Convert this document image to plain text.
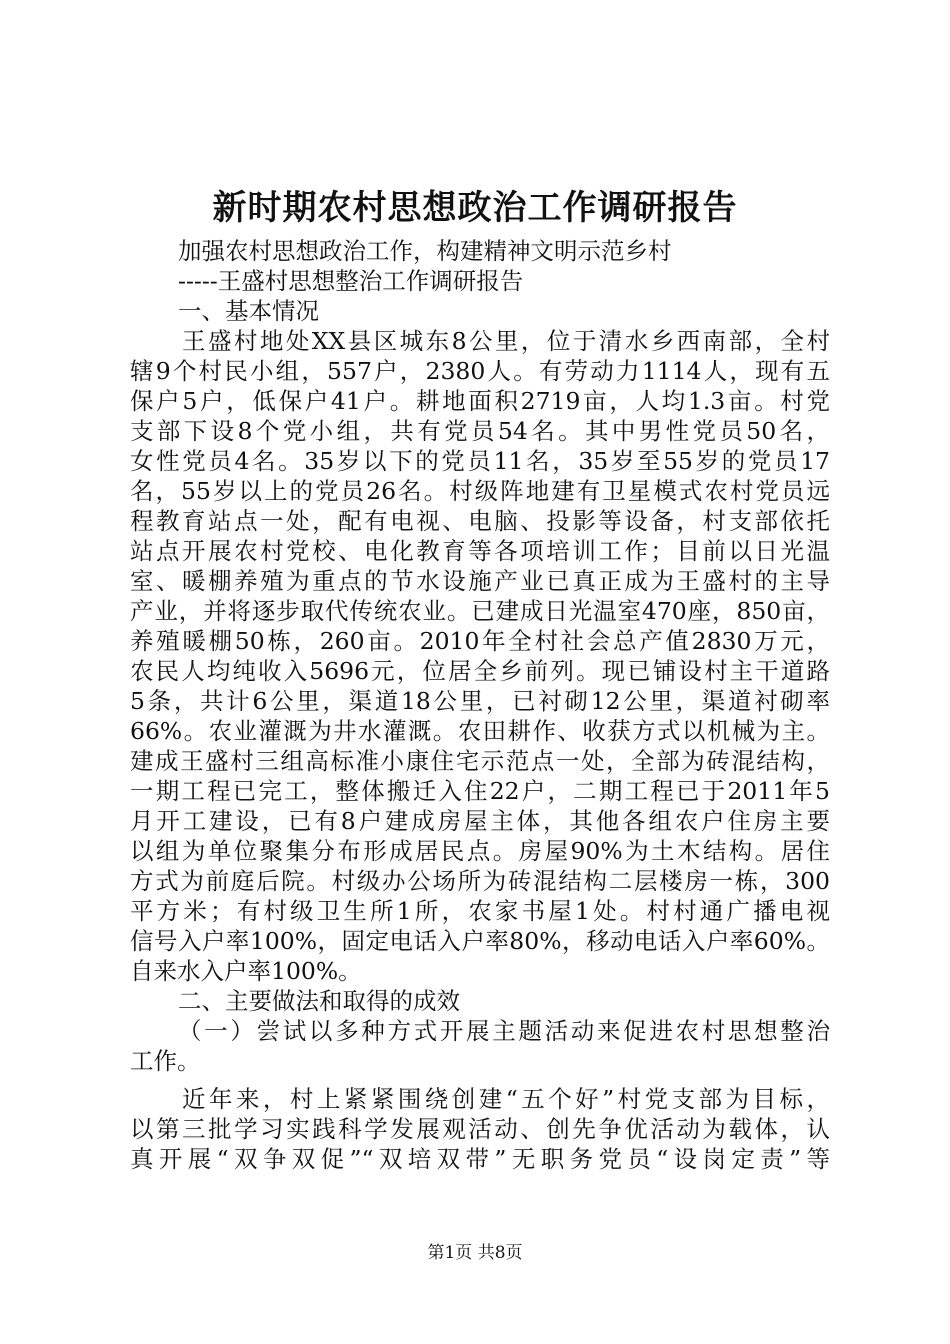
新时期农村思想政治工作调研报告
加强农村思想政治工作，构建精神文明示范乡村
-----王盛村思想整治工作调研报告
一、基本情况
王盛村地处XX县区城东8公里，位于清水乡西南部，全村
辖9个村民小组，557户，2380人。有劳动力1114人，现有五
保户5户，低保户41户。耕地面积2719亩，人均1.3亩。村党
支部下设8个党小组，共有党员54名。其中男性党员50名，
女性党员4名。35岁以下的党员11名，35岁至55岁的党员17
名，55岁以上的党员26名。村级阵地建有卫星模式农村党员远
程教育站点一处，配有电视、电脑、投影等设备，村支部依托
站点开展农村党校、电化教育等各项培训工作；目前以日光温
室、暖棚养殖为重点的节水设施产业已真正成为王盛村的主导
产业，并将逐步取代传统农业。已建成日光温室470座，850亩，
养殖暖棚50栋，260亩。2010年全村社会总产值2830万元，
农民人均纯收入5696元，位居全乡前列。现已铺设村主干道路
5条，共计6公里，渠道18公里，已衬砌12公里，渠道衬砌率
66%。农业灌溉为井水灌溉。农田耕作、收获方式以机械为主。
建成王盛村三组高标准小康住宅示范点一处，全部为砖混结构，
一期工程已完工，整体搬迁入住22户，二期工程已于2011年5
月开工建设，已有8户建成房屋主体，其他各组农户住房主要
以组为单位聚集分布形成居民点。房屋90%为土木结构。居住
方式为前庭后院。村级办公场所为砖混结构二层楼房一栋，300
平方米；有村级卫生所1所，农家书屋1处。村村通广播电视
信号入户率100%，固定电话入户率80%，移动电话入户率60%。
自来水入户率100%。
二、主要做法和取得的成效
（一）尝试以多种方式开展主题活动来促进农村思想整治
工作。
近年来，村上紧紧围绕创建“五个好”村党支部为目标，
以第三批学习实践科学发展观活动、创先争优活动为载体，认
真开展“双争双促”“双培双带”无职务党员“设岗定责”等
第1页 共8页
